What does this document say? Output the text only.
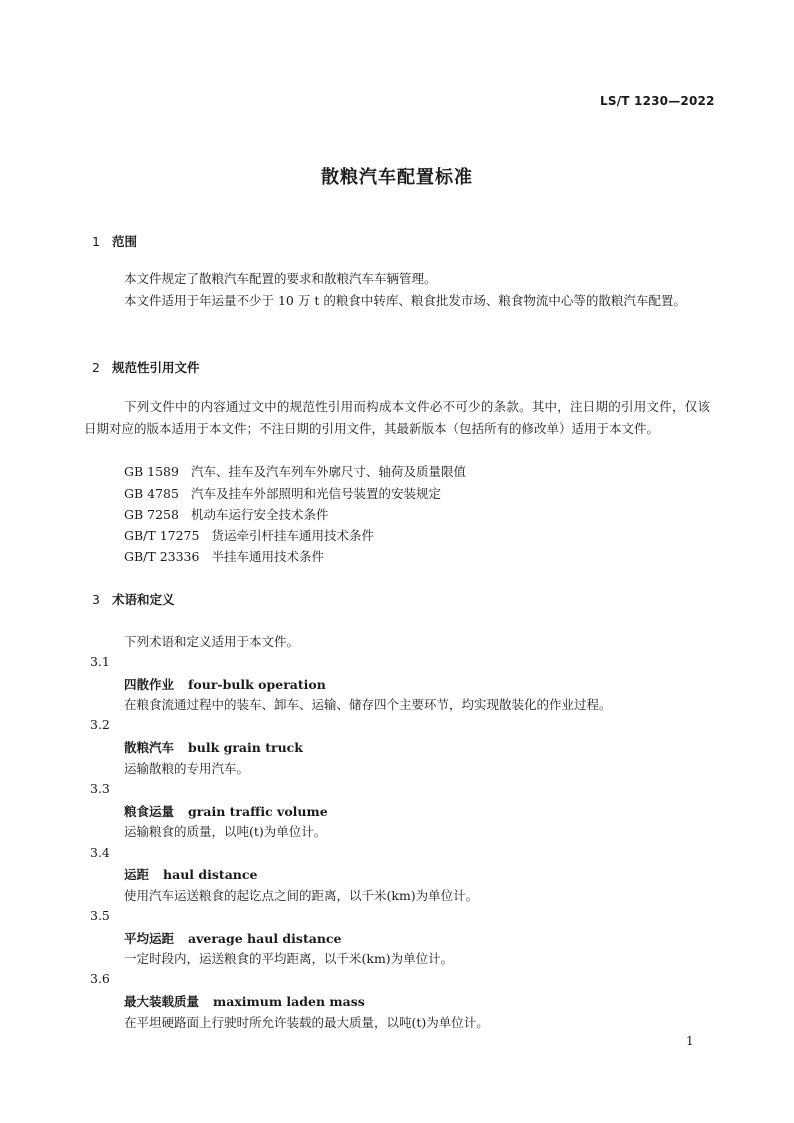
LS/T 1230—2022
散粮汽车配置标准
1 范围
本文件规定了散粮汽车配置的要求和散粮汽车车辆管理。
本文件适用于年运量不少于 10 万 t 的粮食中转库、粮食批发市场、粮食物流中心等的散粮汽车配置。
2 规范性引用文件
下列文件中的内容通过文中的规范性引用而构成本文件必不可少的条款。其中，注日期的引用文件，仅该日期对应的版本适用于本文件；不注日期的引用文件，其最新版本（包括所有的修改单）适用于本文件。
GB 1589 汽车、挂车及汽车列车外廓尺寸、轴荷及质量限值
GB 4785 汽车及挂车外部照明和光信号装置的安装规定
GB 7258 机动车运行安全技术条件
GB/T 17275 货运牵引杆挂车通用技术条件
GB/T 23336 半挂车通用技术条件
3 术语和定义
下列术语和定义适用于本文件。
3.1
四散作业 four-bulk operation
在粮食流通过程中的装车、卸车、运输、储存四个主要环节，均实现散装化的作业过程。
3.2
散粮汽车 bulk grain truck
运输散粮的专用汽车。
3.3
粮食运量 grain traffic volume
运输粮食的质量，以吨(t)为单位计。
3.4
运距 haul distance
使用汽车运送粮食的起讫点之间的距离，以千米(km)为单位计。
3.5
平均运距 average haul distance
一定时段内，运送粮食的平均距离，以千米(km)为单位计。
3.6
最大装载质量 maximum laden mass
在平坦硬路面上行驶时所允许装载的最大质量，以吨(t)为单位计。
1
